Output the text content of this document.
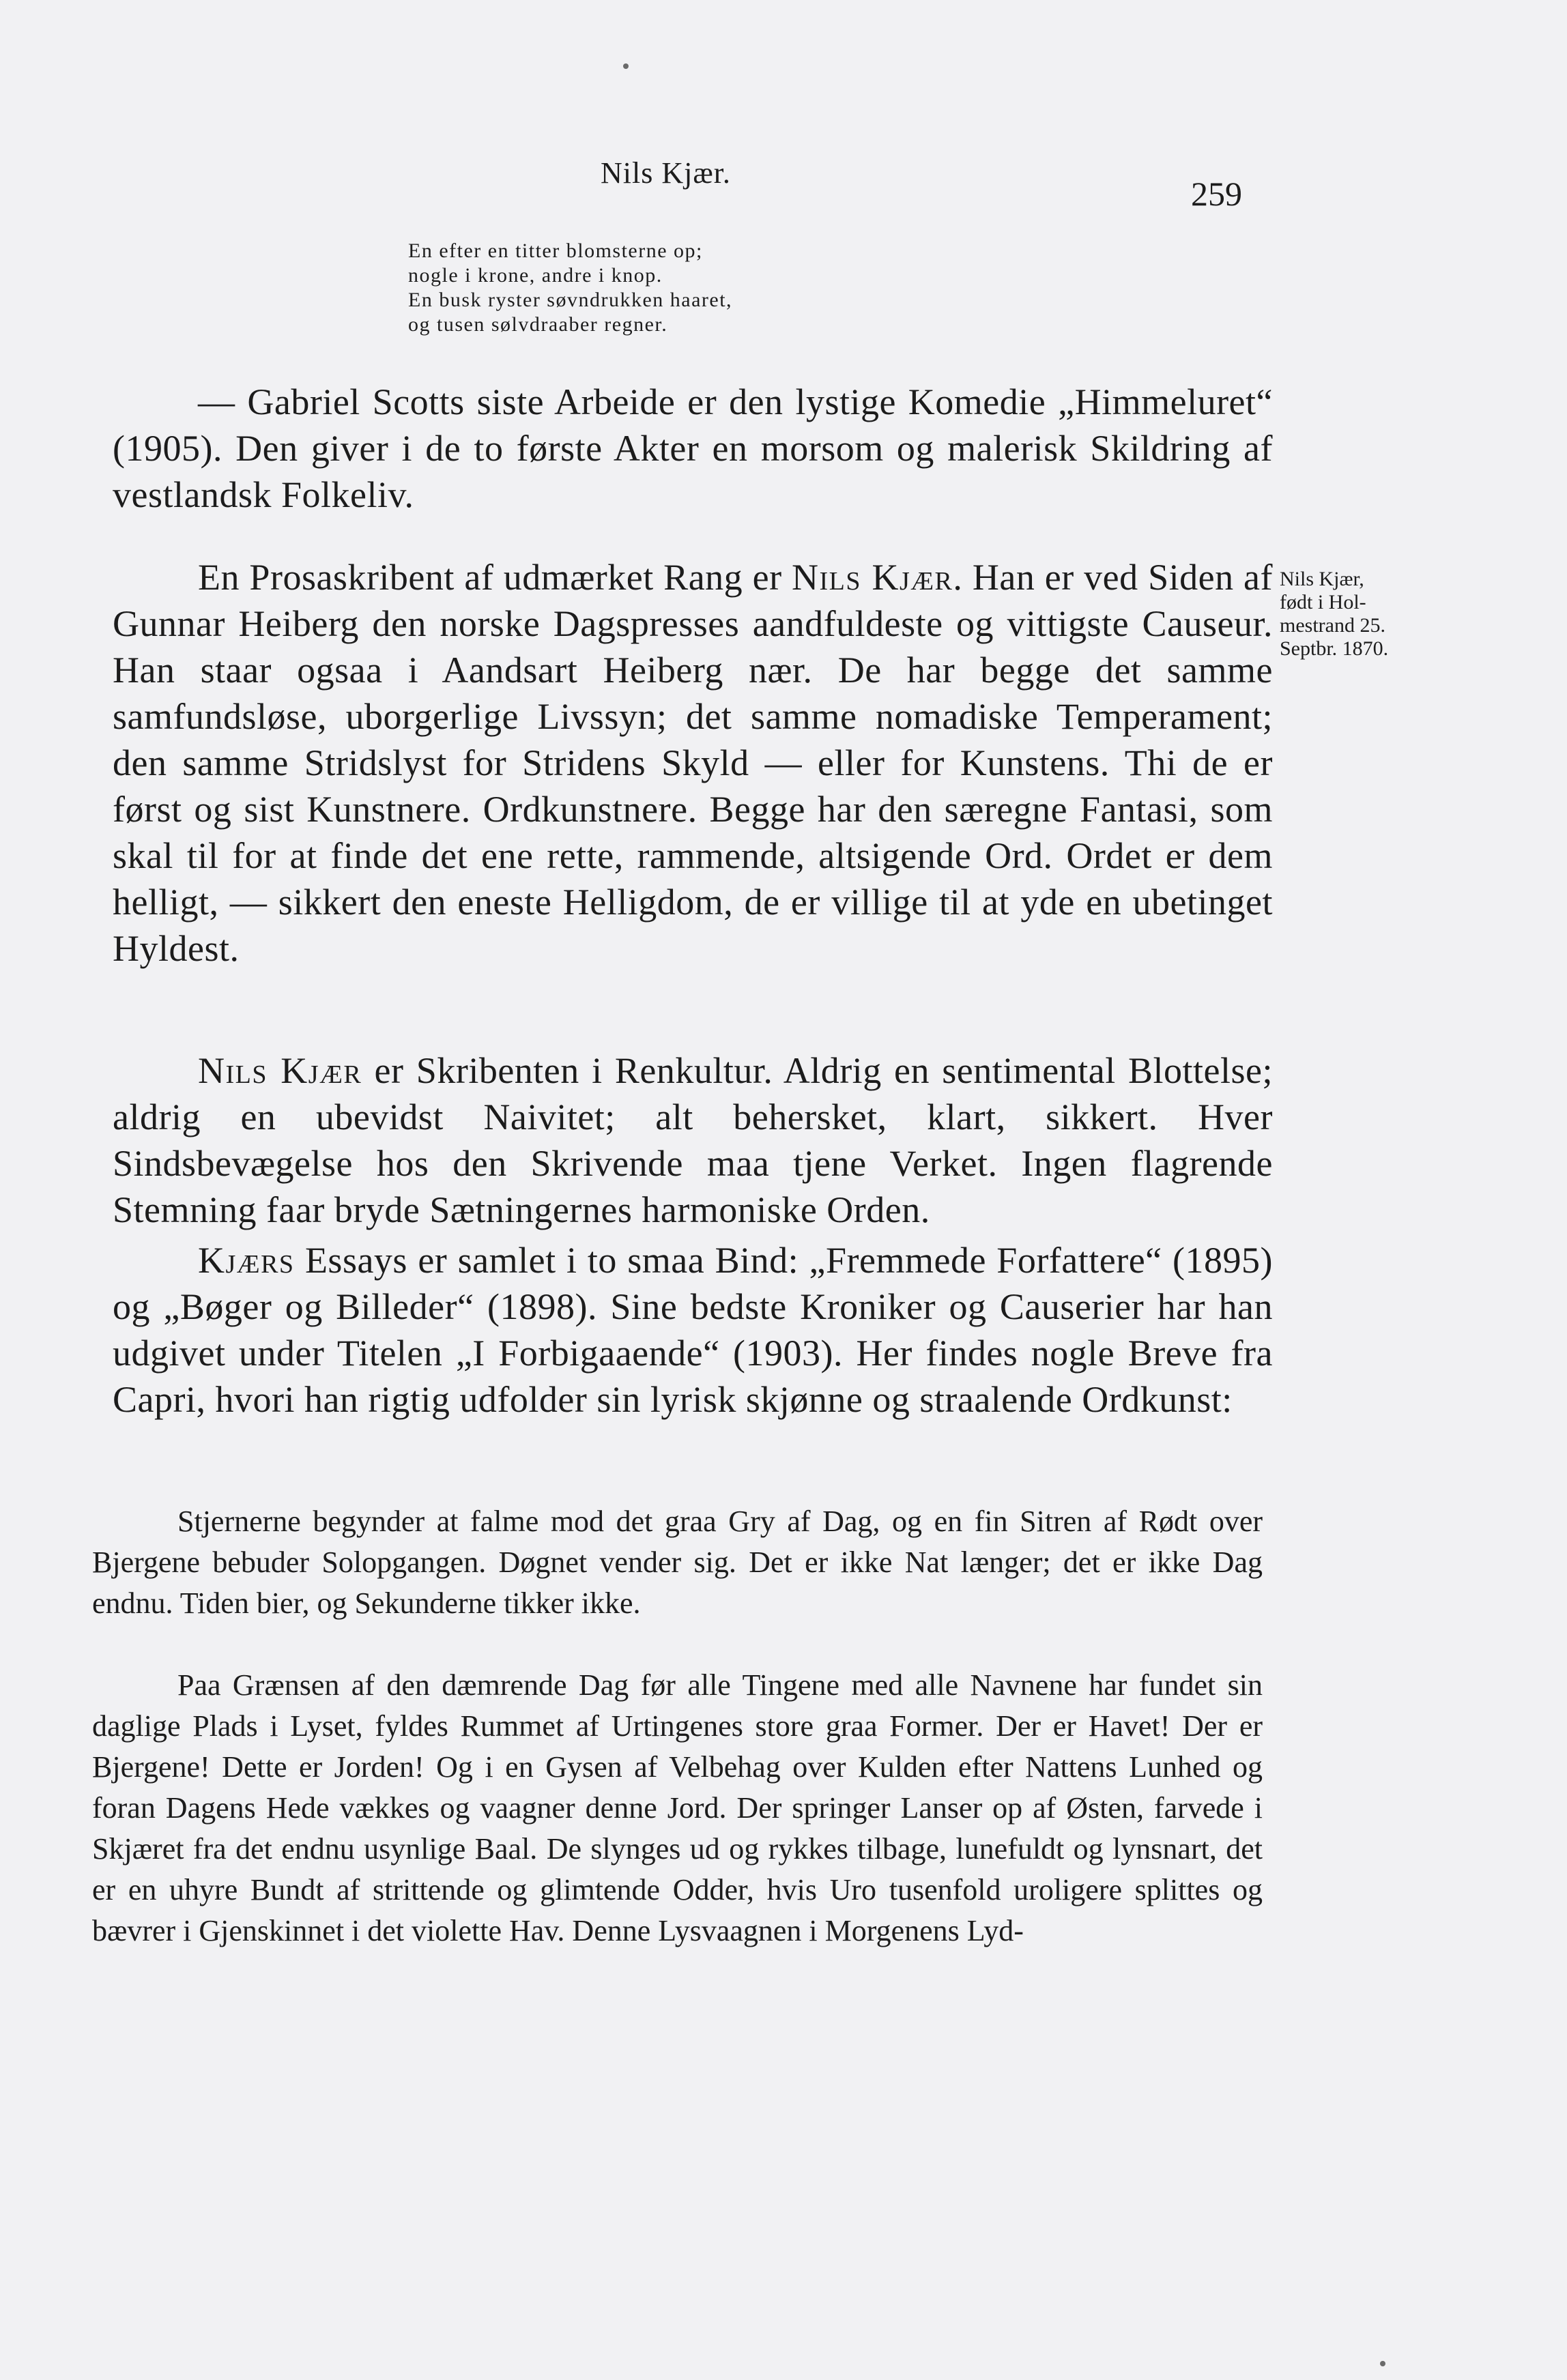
Nils Kjær.
259
En efter en titter blomsterne op;
nogle i krone, andre i knop.
En busk ryster søvndrukken haaret,
og tusen sølvdraaber regner.

— Gabriel Scotts siste Arbeide er den lystige Komedie „Himmeluret“ (1905). Den giver i de to første Akter en morsom og malerisk Skildring af vestlandsk Folkeliv.

En Prosaskribent af udmærket Rang er Nils Kjær. Han er ved Siden af Gunnar Heiberg den norske Dagspresses aandfuldeste og vittigste Causeur. Han staar ogsaa i Aandsart Heiberg nær. De har begge det samme samfundsløse, uborgerlige Livssyn; det samme nomadiske Temperament; den samme Stridslyst for Stridens Skyld — eller for Kunstens. Thi de er først og sist Kunstnere. Ordkunstnere. Begge har den særegne Fantasi, som skal til for at finde det ene rette, rammende, altsigende Ord. Ordet er dem helligt, — sikkert den eneste Helligdom, de er villige til at yde en ubetinget Hyldest.

Nils Kjær,
født i Hol-
mestrand 25.
Septbr. 1870.

Nils Kjær er Skribenten i Renkultur. Aldrig en sentimental Blottelse; aldrig en ubevidst Naivitet; alt behersket, klart, sikkert. Hver Sindsbevægelse hos den Skrivende maa tjene Verket. Ingen flagrende Stemning faar bryde Sætningernes harmoniske Orden.

Kjærs Essays er samlet i to smaa Bind: „Fremmede Forfattere“ (1895) og „Bøger og Billeder“ (1898). Sine bedste Kroniker og Causerier har han udgivet under Titelen „I Forbigaaende“ (1903). Her findes nogle Breve fra Capri, hvori han rigtig udfolder sin lyrisk skjønne og straalende Ordkunst:

Stjernerne begynder at falme mod det graa Gry af Dag, og en fin Sitren af Rødt over Bjergene bebuder Solopgangen. Døgnet vender sig. Det er ikke Nat længer; det er ikke Dag endnu. Tiden bier, og Sekunderne tikker ikke.

Paa Grænsen af den dæmrende Dag før alle Tingene med alle Navnene har fundet sin daglige Plads i Lyset, fyldes Rummet af Urtingenes store graa Former. Der er Havet! Der er Bjergene! Dette er Jorden! Og i en Gysen af Velbehag over Kulden efter Nattens Lunhed og foran Dagens Hede vækkes og vaagner denne Jord. Der springer Lanser op af Østen, farvede i Skjæret fra det endnu usynlige Baal. De slynges ud og rykkes tilbage, lunefuldt og lynsnart, det er en uhyre Bundt af strittende og glimtende Odder, hvis Uro tusenfold uroligere splittes og bævrer i Gjenskinnet i det violette Hav. Denne Lysvaagnen i Morgenens Lyd-
